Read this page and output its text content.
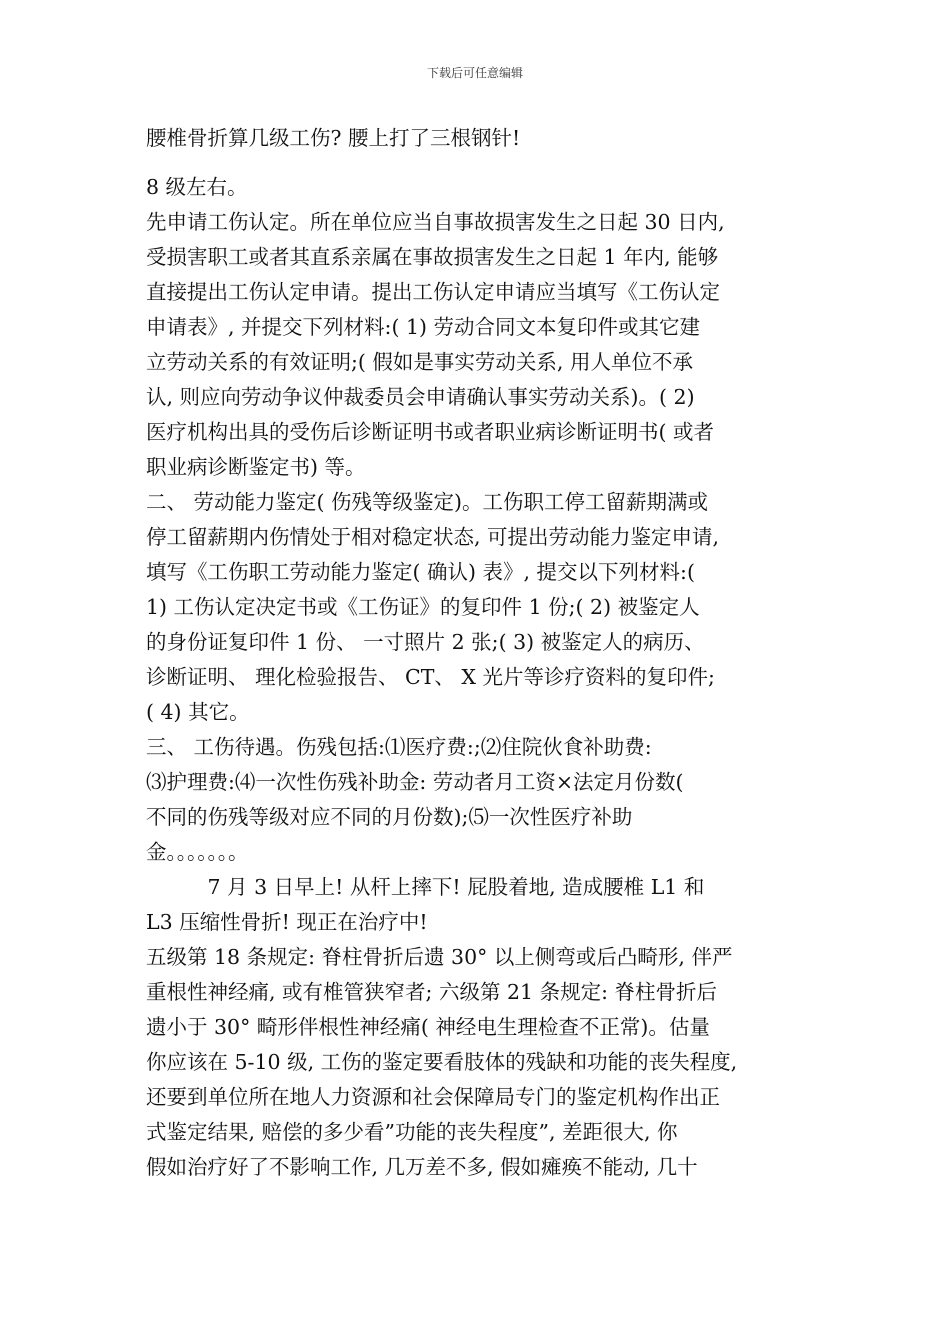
下载后可任意编辑
腰椎骨折算几级工伤? 腰上打了三根钢针!
8 级左右。
先申请工伤认定。所在单位应当自事故损害发生之日起 30 日内,
受损害职工或者其直系亲属在事故损害发生之日起 1 年内, 能够
直接提出工伤认定申请。提出工伤认定申请应当填写《工伤认定
申请表》, 并提交下列材料:( 1) 劳动合同文本复印件或其它建
立劳动关系的有效证明;( 假如是事实劳动关系, 用人单位不承
认, 则应向劳动争议仲裁委员会申请确认事实劳动关系)。( 2)
医疗机构出具的受伤后诊断证明书或者职业病诊断证明书( 或者
职业病诊断鉴定书) 等。
二、 劳动能力鉴定( 伤残等级鉴定)。工伤职工停工留薪期满或
停工留薪期内伤情处于相对稳定状态, 可提出劳动能力鉴定申请,
填写《工伤职工劳动能力鉴定( 确认) 表》, 提交以下列材料:(
1) 工伤认定决定书或《工伤证》的复印件 1 份;( 2) 被鉴定人
的身份证复印件 1 份、 一寸照片 2 张;( 3) 被鉴定人的病历、
诊断证明、 理化检验报告、 CT、 X 光片等诊疗资料的复印件;
( 4) 其它。
三、 工伤待遇。伤残包括:⑴医疗费:;⑵住院伙食补助费:
⑶护理费:⑷一次性伤残补助金: 劳动者月工资×法定月份数(
不同的伤残等级对应不同的月份数);⑸一次性医疗补助
金。。。。。。。
　　　7 月 3 日早上! 从杆上摔下! 屁股着地, 造成腰椎 L1 和
L3 压缩性骨折! 现正在治疗中!
五级第 18 条规定: 脊柱骨折后遗 30° 以上侧弯或后凸畸形, 伴严
重根性神经痛, 或有椎管狭窄者; 六级第 21 条规定: 脊柱骨折后
遗小于 30° 畸形伴根性神经痛( 神经电生理检查不正常)。估量
你应该在 5-10 级, 工伤的鉴定要看肢体的残缺和功能的丧失程度,
还要到单位所在地人力资源和社会保障局专门的鉴定机构作出正
式鉴定结果, 赔偿的多少看”功能的丧失程度”, 差距很大, 你
假如治疗好了不影响工作, 几万差不多, 假如瘫痪不能动, 几十
